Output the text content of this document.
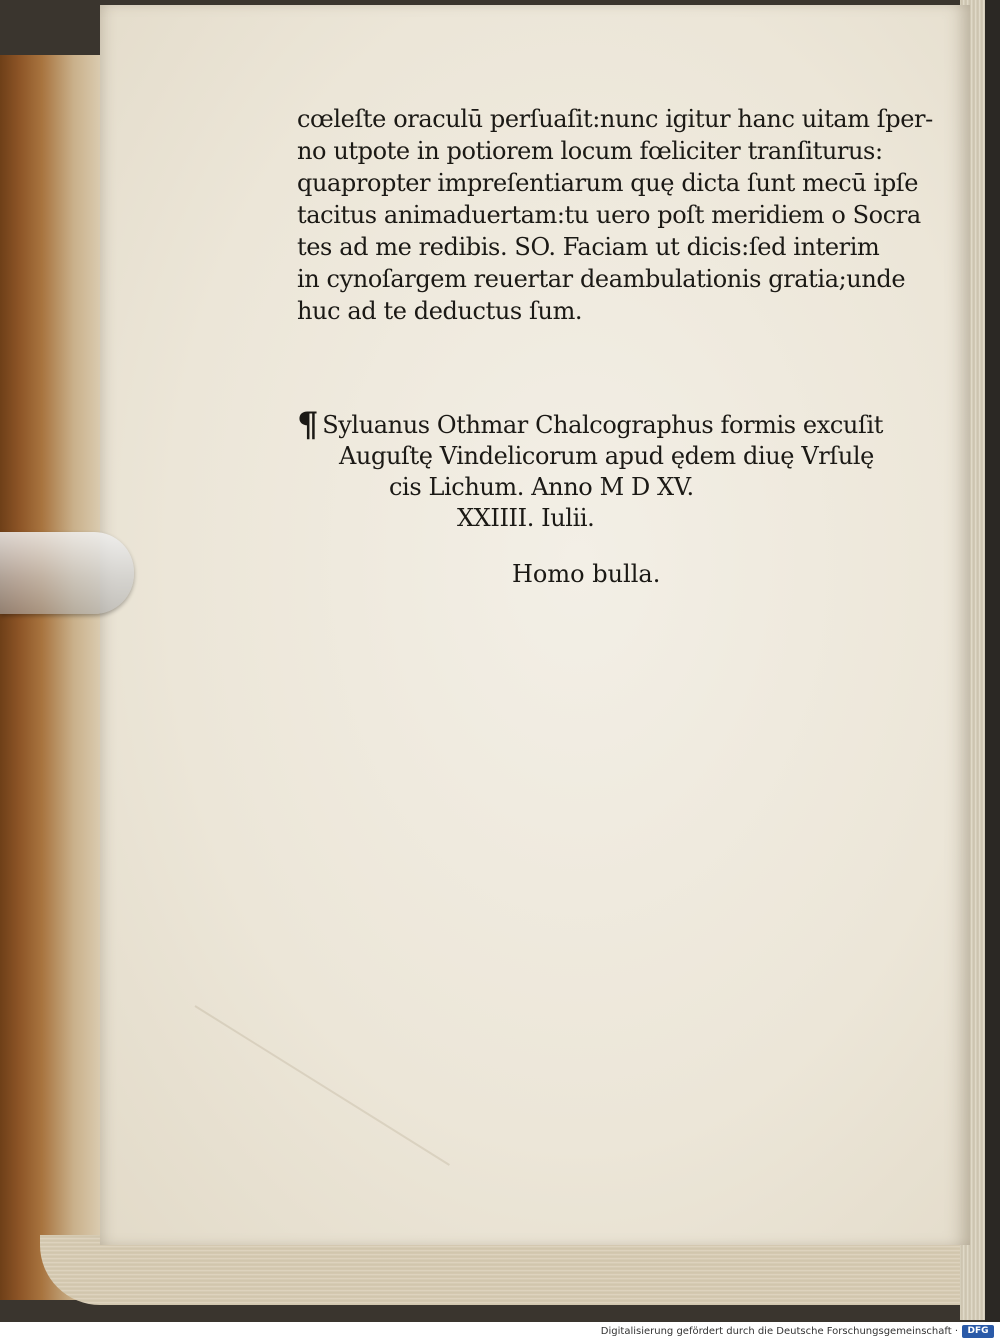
cœleſte oraculū perſuaſit:nunc igitur hanc uitam ſper-
no utpote in potiorem locum fœliciter tranſiturus:
quapropter impreſentiarum quę dicta ſunt mecū ipſe
tacitus animaduertam:tu uero poſt meridiem o Socra
tes ad me redibis. SO. Faciam ut dicis:ſed interim
in cynoſargem reuertar deambulationis gratia;unde
huc ad te deductus ſum.
¶ Syluanus Othmar Chalcographus formis excuſit
Auguſtę Vindelicorum apud ędem diuę Vrſulę
cis Lichum. Anno M D XV.
XXIIII. Iulii.
Homo bulla.
Digitalisierung gefördert durch die Deutsche Forschungsgemeinschaft ·	DFG
